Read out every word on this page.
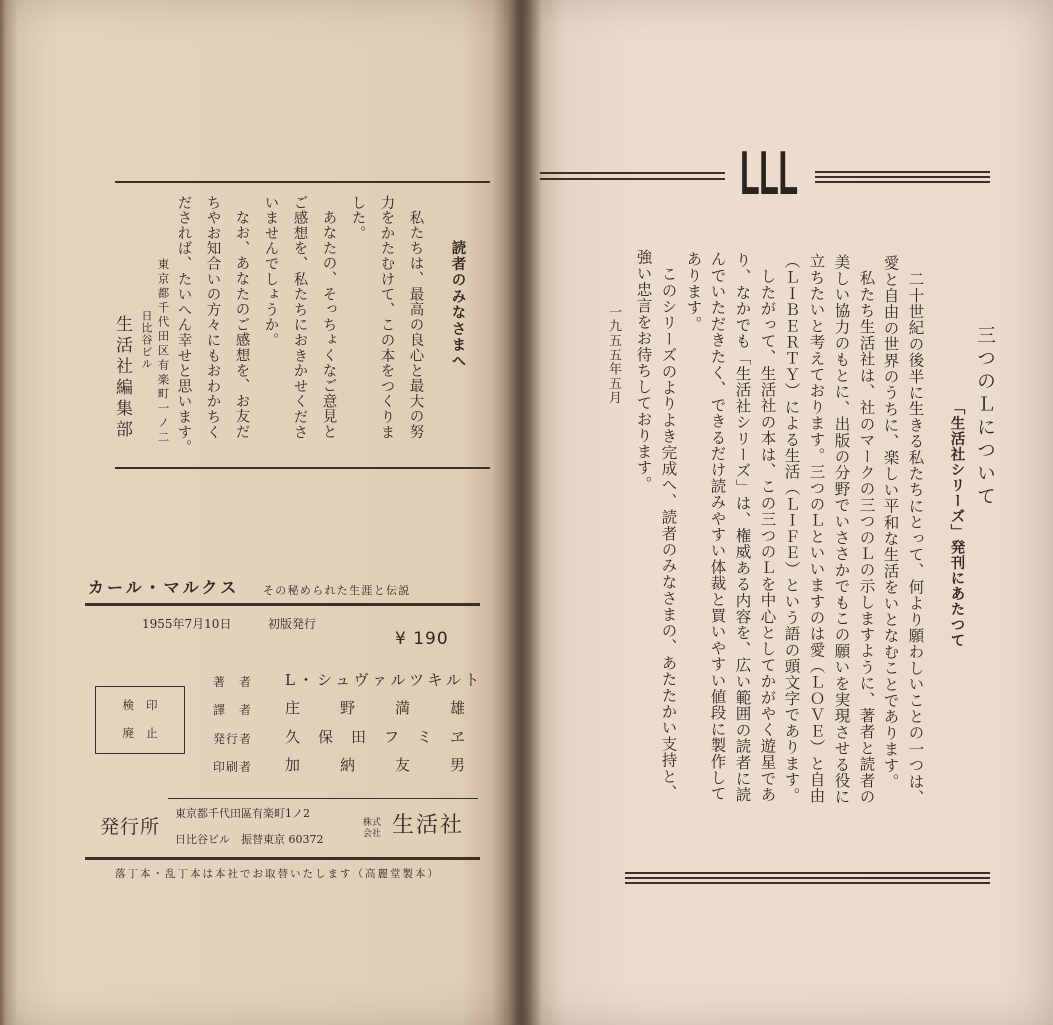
読者のみなさまへ
私たちは、最高の良心と最大の努
力をかたむけて、この本をつくりま
した。
あなたの、そっちょくなご意見と
ご感想を、私たちにおきかせくださ
いませんでしょうか。
なお、あなたのご感想を、お友だ
ちやお知合いの方々にもおわかちく
だされば、たいへん幸せと思います。
東京都千代田区有楽町一ノ二
日比谷ビル
生活社編集部
カール・マルクス その秘められた生涯と伝説
1955年7月10日	初版発行
¥ 190
検印
廃止
著者 L・シュヴァルツキルト
譯者 庄野満雄
発行者 久保田フミヱ
印刷者 加納友男
発行所
東京都千代田區有楽町1ノ2
日比谷ビル　振替東京 60372
株式
会社 生活社
落丁本・乱丁本は本社でお取替いたします（高麗堂製本）
LLL
三つのＬについて
「生活社シリーズ」発刊にあたつて
二十世紀の後半に生きる私たちにとって、何より願わしいことの一つは、
愛と自由の世界のうちに、楽しい平和な生活をいとなむことであります。
私たち生活社は、社のマークの三つのＬの示しますように、著者と読者の
美しい協力のもとに、出版の分野でいささかでもこの願いを実現させる役に
立ちたいと考えております。三つのＬといいますのは愛（ＬＯＶＥ）と自由
（ＬＩＢＥＲＴＹ）による生活（ＬＩＦＥ）という語の頭文字であります。
したがって、生活社の本は、この三つのＬを中心としてかがやく遊星であ
り、なかでも「生活社シリーズ」は、権威ある内容を、広い範囲の読者に読
んでいただきたく、できるだけ読みやすい体裁と買いやすい値段に製作して
あります。
このシリーズのよりよき完成へ、読者のみなさまの、あたたかい支持と、
強い忠言をお待ちしております。
一九五五年五月
